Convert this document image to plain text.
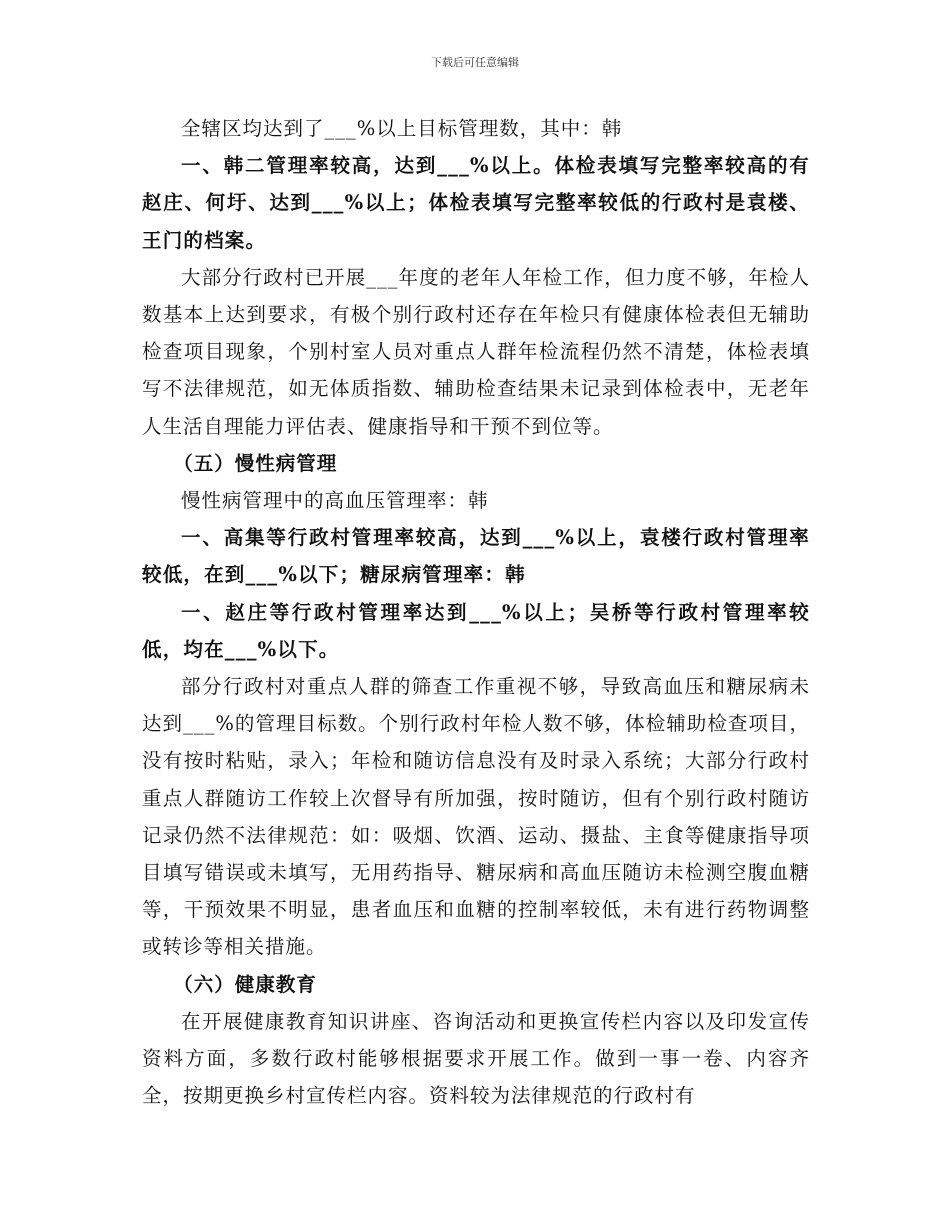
下载后可任意编辑

全辖区均达到了___%以上目标管理数，其中：韩

一、韩二管理率较高，达到___%以上。体检表填写完整率较高的有赵庄、何圩、达到___%以上；体检表填写完整率较低的行政村是袁楼、王门的档案。

大部分行政村已开展___年度的老年人年检工作，但力度不够，年检人数基本上达到要求，有极个别行政村还存在年检只有健康体检表但无辅助检查项目现象，个别村室人员对重点人群年检流程仍然不清楚，体检表填写不法律规范，如无体质指数、辅助检查结果未记录到体检表中，无老年人生活自理能力评估表、健康指导和干预不到位等。

（五）慢性病管理

慢性病管理中的高血压管理率：韩

一、高集等行政村管理率较高，达到___%以上，袁楼行政村管理率较低，在到___%以下；糖尿病管理率：韩

一、赵庄等行政村管理率达到___%以上；吴桥等行政村管理率较低，均在___%以下。

部分行政村对重点人群的筛查工作重视不够，导致高血压和糖尿病未达到___%的管理目标数。个别行政村年检人数不够，体检辅助检查项目，没有按时粘贴，录入；年检和随访信息没有及时录入系统；大部分行政村重点人群随访工作较上次督导有所加强，按时随访，但有个别行政村随访记录仍然不法律规范：如：吸烟、饮酒、运动、摄盐、主食等健康指导项目填写错误或未填写，无用药指导、糖尿病和高血压随访未检测空腹血糖等，干预效果不明显，患者血压和血糖的控制率较低，未有进行药物调整或转诊等相关措施。

（六）健康教育

在开展健康教育知识讲座、咨询活动和更换宣传栏内容以及印发宣传资料方面，多数行政村能够根据要求开展工作。做到一事一卷、内容齐全，按期更换乡村宣传栏内容。资料较为法律规范的行政村有
